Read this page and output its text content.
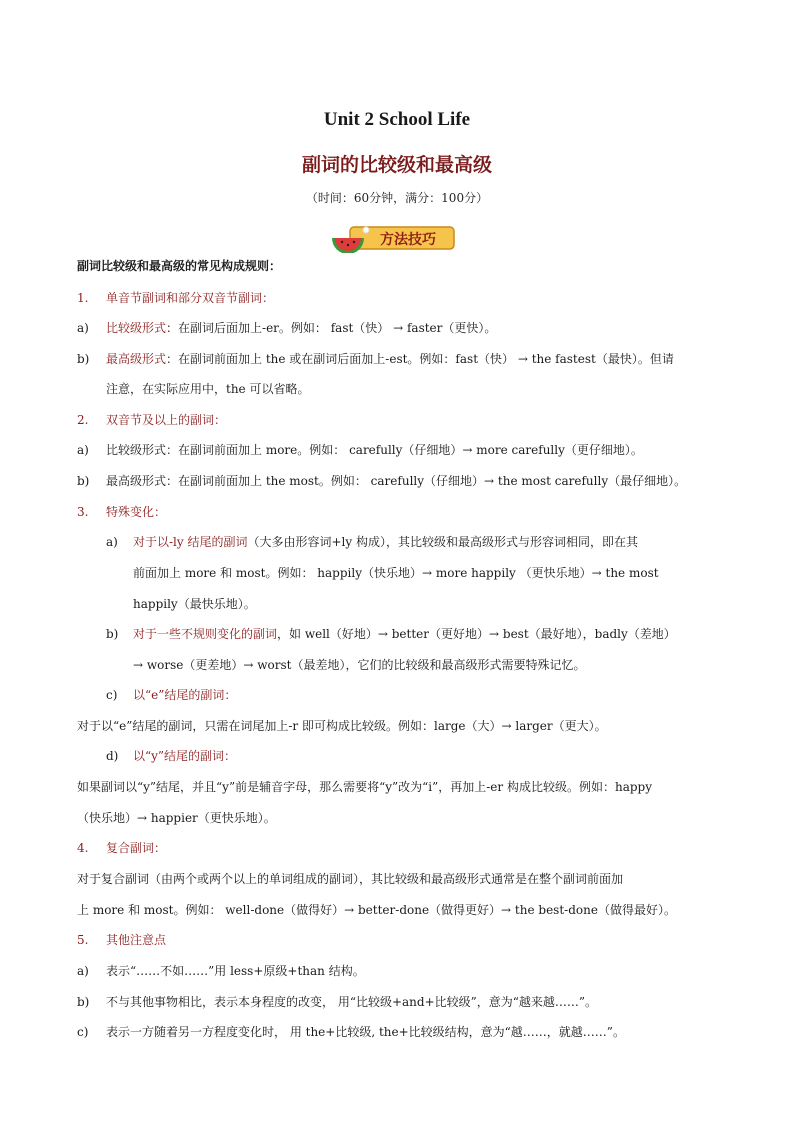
Unit 2 School Life
副词的比较级和最高级
（时间：60分钟，满分：100分）
方法技巧
副词比较级和最高级的常见构成规则：
1. 单音节副词和部分双音节副词：
a) 比较级形式：在副词后面加上-er。例如： fast（快） → faster（更快）。
b) 最高级形式：在副词前面加上 the 或在副词后面加上-est。例如：fast（快） → the fastest（最快）。但请
注意，在实际应用中，the 可以省略。
2. 双音节及以上的副词：
a) 比较级形式：在副词前面加上 more。例如： carefully（仔细地）→ more carefully（更仔细地）。
b) 最高级形式：在副词前面加上 the most。例如： carefully（仔细地）→ the most carefully（最仔细地）。
3. 特殊变化：
a) 对于以-ly 结尾的副词（大多由形容词+ly 构成），其比较级和最高级形式与形容词相同，即在其
前面加上 more 和 most。例如： happily（快乐地）→ more happily （更快乐地）→ the most
happily（最快乐地）。
b) 对于一些不规则变化的副词，如 well（好地）→ better（更好地）→ best（最好地），badly（差地）
→ worse（更差地）→ worst（最差地），它们的比较级和最高级形式需要特殊记忆。
c) 以“e”结尾的副词：
对于以“e”结尾的副词，只需在词尾加上-r 即可构成比较级。例如：large（大）→ larger（更大）。
d) 以“y”结尾的副词：
如果副词以“y”结尾，并且“y”前是辅音字母，那么需要将“y”改为“i”，再加上-er 构成比较级。例如：happy
（快乐地）→ happier（更快乐地）。
4. 复合副词：
对于复合副词（由两个或两个以上的单词组成的副词），其比较级和最高级形式通常是在整个副词前面加
上 more 和 most。例如： well-done（做得好）→ better-done（做得更好）→ the best-done（做得最好）。
5. 其他注意点
a) 表示“……不如……”用 less+原级+than 结构。
b) 不与其他事物相比，表示本身程度的改变， 用“比较级+and+比较级”，意为“越来越……”。
c) 表示一方随着另一方程度变化时， 用 the+比较级, the+比较级结构，意为“越……，就越……”。
